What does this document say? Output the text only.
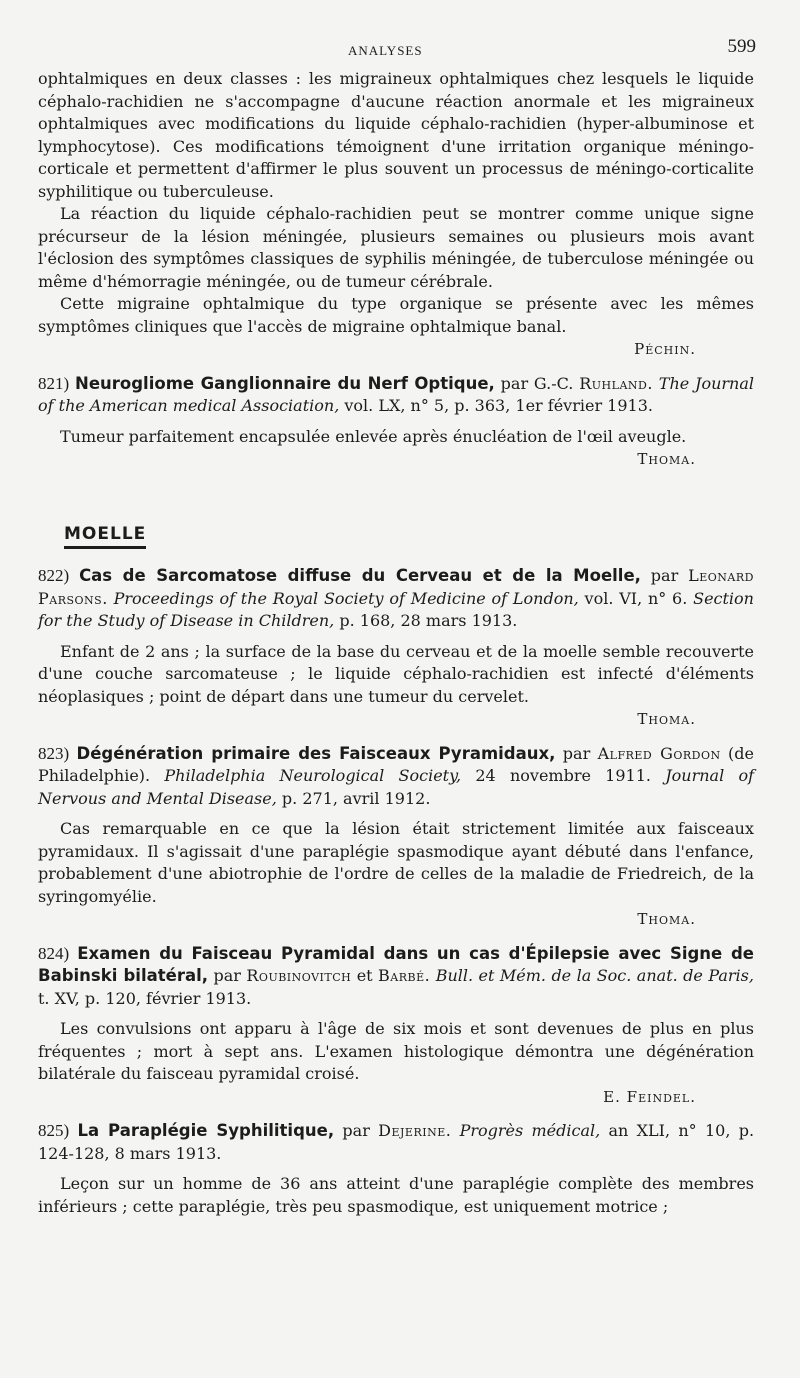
ANALYSES	599

ophtalmiques en deux classes : les migraineux ophtalmiques chez lesquels le liquide céphalo-rachidien ne s'accompagne d'aucune réaction anormale et les migraineux ophtalmiques avec modifications du liquide céphalo-rachidien (hyper-albuminose et lymphocytose). Ces modifications témoignent d'une irritation organique méningo-corticale et permettent d'affirmer le plus souvent un processus de méningo-corticalite syphilitique ou tuberculeuse.

La réaction du liquide céphalo-rachidien peut se montrer comme unique signe précurseur de la lésion méningée, plusieurs semaines ou plusieurs mois avant l'éclosion des symptômes classiques de syphilis méningée, de tuberculose méningée ou même d'hémorragie méningée, ou de tumeur cérébrale.

Cette migraine ophtalmique du type organique se présente avec les mêmes symptômes cliniques que l'accès de migraine ophtalmique banal.

Péchin.

821) Neurogliome Ganglionnaire du Nerf Optique, par G.-C. Ruhland. The Journal of the American medical Association, vol. LX, n° 5, p. 363, 1er février 1913.

Tumeur parfaitement encapsulée enlevée après énucléation de l'œil aveugle.

Thoma.

MOELLE

822) Cas de Sarcomatose diffuse du Cerveau et de la Moelle, par Leonard Parsons. Proceedings of the Royal Society of Medicine of London, vol. VI, n° 6. Section for the Study of Disease in Children, p. 168, 28 mars 1913.

Enfant de 2 ans ; la surface de la base du cerveau et de la moelle semble recouverte d'une couche sarcomateuse ; le liquide céphalo-rachidien est infecté d'éléments néoplasiques ; point de départ dans une tumeur du cervelet.

Thoma.

823) Dégénération primaire des Faisceaux Pyramidaux, par Alfred Gordon (de Philadelphie). Philadelphia Neurological Society, 24 novembre 1911. Journal of Nervous and Mental Disease, p. 271, avril 1912.

Cas remarquable en ce que la lésion était strictement limitée aux faisceaux pyramidaux. Il s'agissait d'une paraplégie spasmodique ayant débuté dans l'enfance, probablement d'une abiotrophie de l'ordre de celles de la maladie de Friedreich, de la syringomyélie.

Thoma.

824) Examen du Faisceau Pyramidal dans un cas d'Épilepsie avec Signe de Babinski bilatéral, par Roubinovitch et Barbé. Bull. et Mém. de la Soc. anat. de Paris, t. XV, p. 120, février 1913.

Les convulsions ont apparu à l'âge de six mois et sont devenues de plus en plus fréquentes ; mort à sept ans. L'examen histologique démontra une dégénération bilatérale du faisceau pyramidal croisé.

E. Feindel.

825) La Paraplégie Syphilitique, par Dejerine. Progrès médical, an XLI, n° 10, p. 124-128, 8 mars 1913.

Leçon sur un homme de 36 ans atteint d'une paraplégie complète des membres inférieurs ; cette paraplégie, très peu spasmodique, est uniquement motrice ;
